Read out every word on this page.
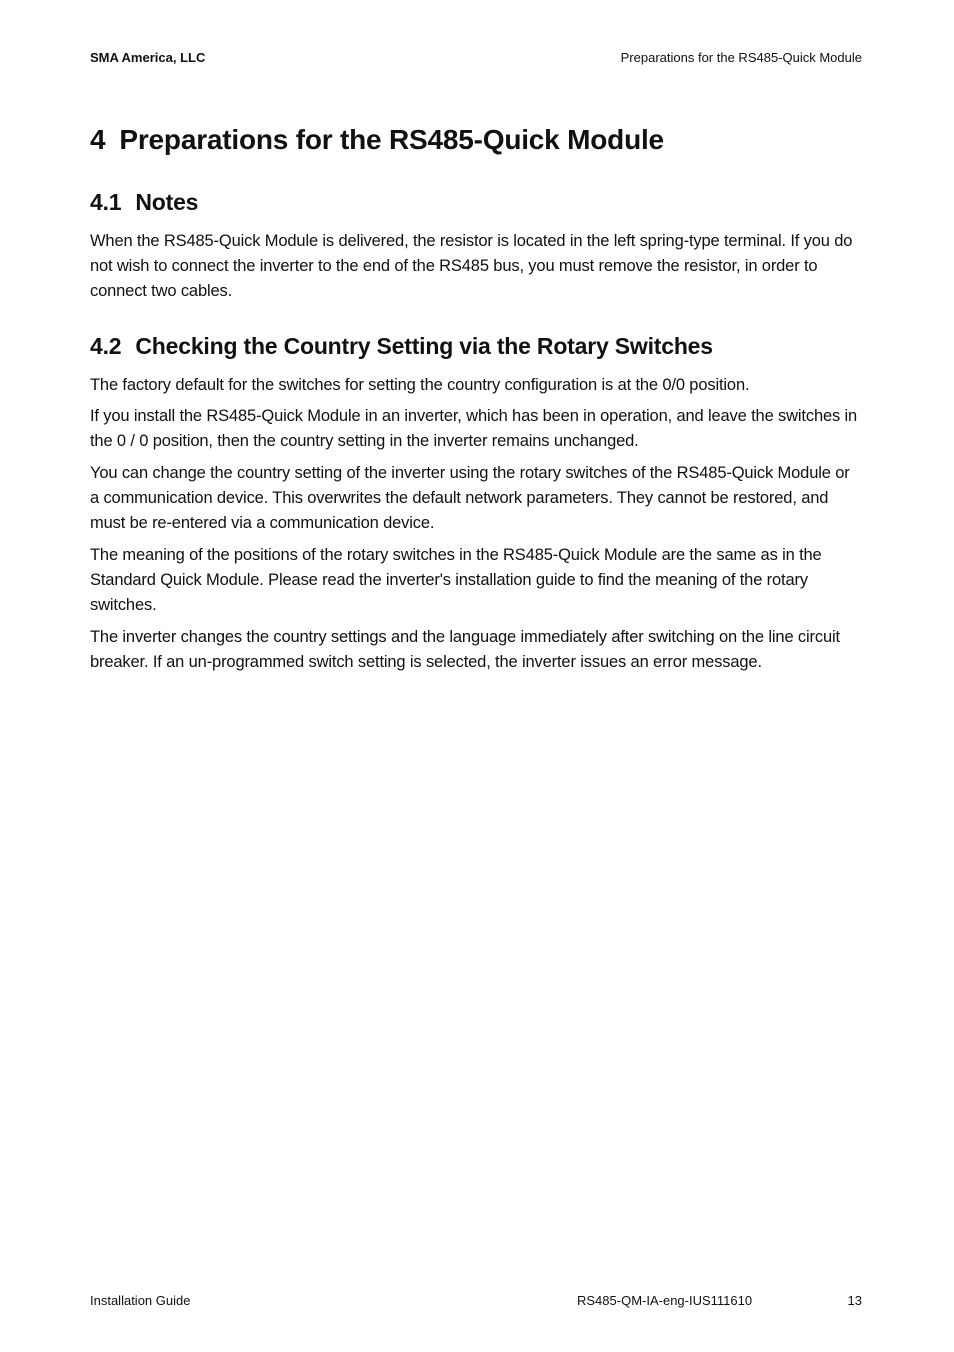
SMA America, LLC	Preparations for the RS485-Quick Module
4 Preparations for the RS485-Quick Module
4.1 Notes

When the RS485-Quick Module is delivered, the resistor is located in the left spring-type terminal. If you do not wish to connect the inverter to the end of the RS485 bus, you must remove the resistor, in order to connect two cables.

4.2 Checking the Country Setting via the Rotary Switches

The factory default for the switches for setting the country configuration is at the 0/0 position.

If you install the RS485-Quick Module in an inverter, which has been in operation, and leave the switches in the 0 / 0 position, then the country setting in the inverter remains unchanged.

You can change the country setting of the inverter using the rotary switches of the RS485-Quick Module or a communication device. This overwrites the default network parameters. They cannot be restored, and must be re-entered via a communication device.

The meaning of the positions of the rotary switches in the RS485-Quick Module are the same as in the Standard Quick Module. Please read the inverter's installation guide to find the meaning of the rotary switches.

The inverter changes the country settings and the language immediately after switching on the line circuit breaker. If an un-programmed switch setting is selected, the inverter issues an error message.

Installation Guide	RS485-QM-IA-eng-IUS111610	13
